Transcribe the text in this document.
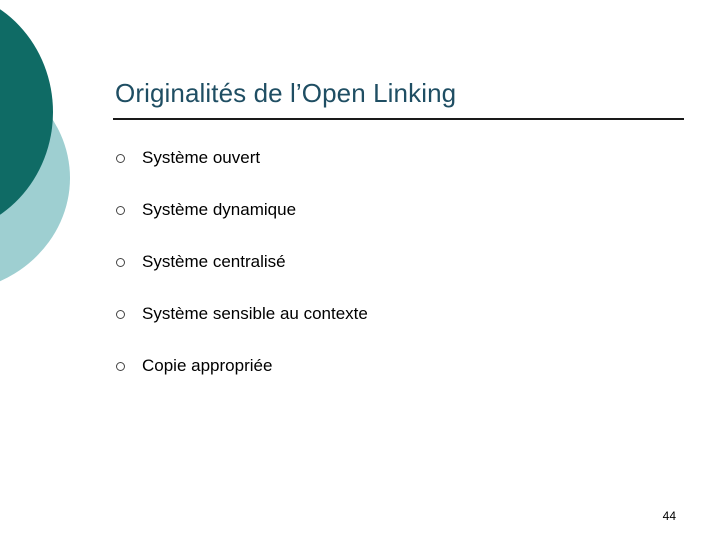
Originalités de l’Open Linking
Système ouvert
Système dynamique
Système centralisé
Système sensible au contexte
Copie appropriée
44
